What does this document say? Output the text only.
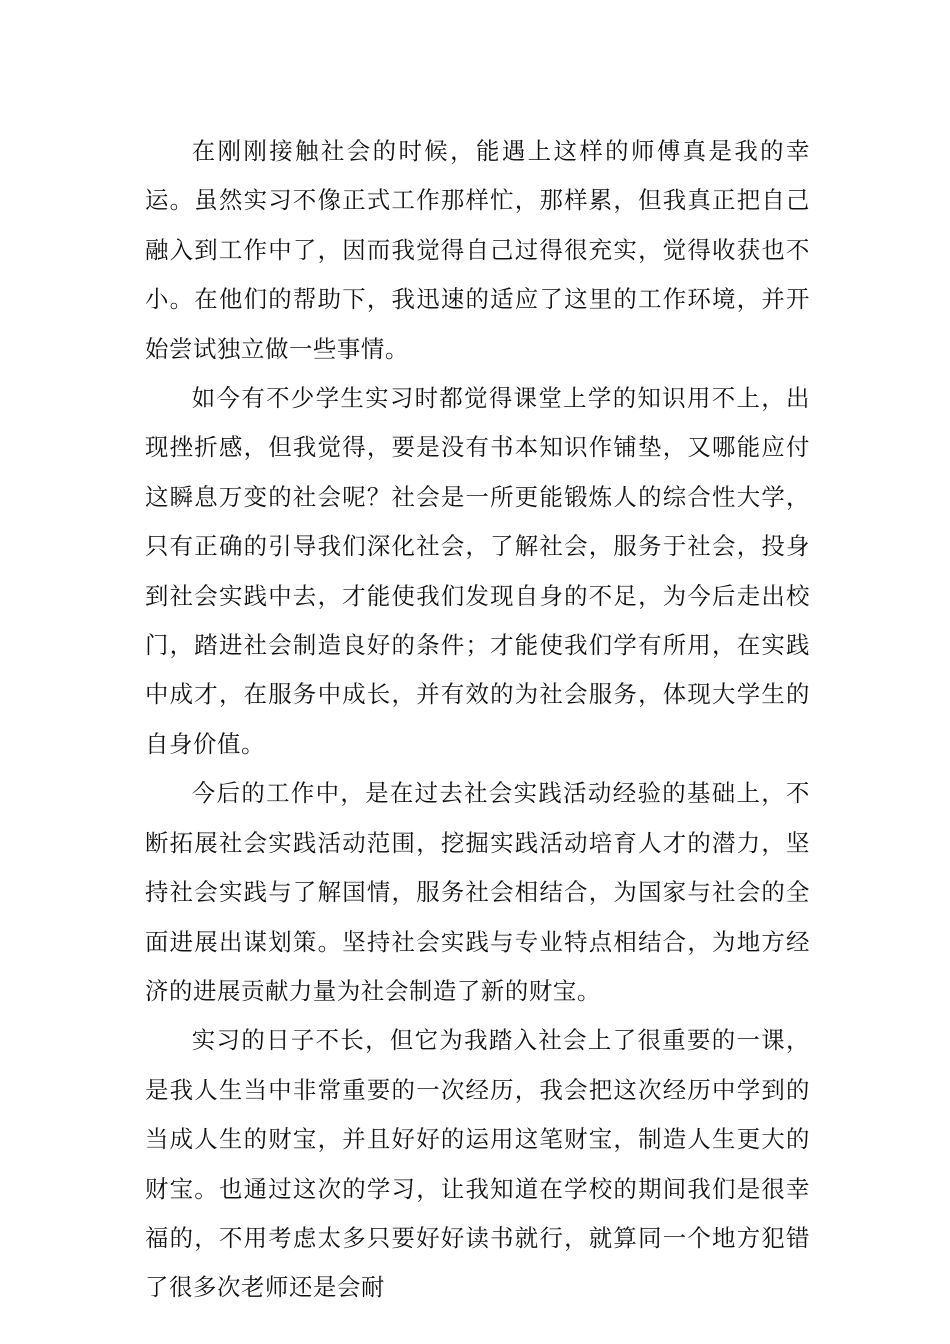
在刚刚接触社会的时候，能遇上这样的师傅真是我的幸运。虽然实习不像正式工作那样忙，那样累，但我真正把自己融入到工作中了，因而我觉得自己过得很充实，觉得收获也不小。在他们的帮助下，我迅速的适应了这里的工作环境，并开始尝试独立做一些事情。

如今有不少学生实习时都觉得课堂上学的知识用不上，出现挫折感，但我觉得，要是没有书本知识作铺垫，又哪能应付这瞬息万变的社会呢？社会是一所更能锻炼人的综合性大学，只有正确的引导我们深化社会，了解社会，服务于社会，投身到社会实践中去，才能使我们发现自身的不足，为今后走出校门，踏进社会制造良好的条件；才能使我们学有所用，在实践中成才，在服务中成长，并有效的为社会服务，体现大学生的自身价值。

今后的工作中，是在过去社会实践活动经验的基础上，不断拓展社会实践活动范围，挖掘实践活动培育人才的潜力，坚持社会实践与了解国情，服务社会相结合，为国家与社会的全面进展出谋划策。坚持社会实践与专业特点相结合，为地方经济的进展贡献力量为社会制造了新的财宝。

实习的日子不长，但它为我踏入社会上了很重要的一课，是我人生当中非常重要的一次经历，我会把这次经历中学到的当成人生的财宝，并且好好的运用这笔财宝，制造人生更大的财宝。也通过这次的学习，让我知道在学校的期间我们是很幸福的，不用考虑太多只要好好读书就行，就算同一个地方犯错了很多次老师还是会耐
